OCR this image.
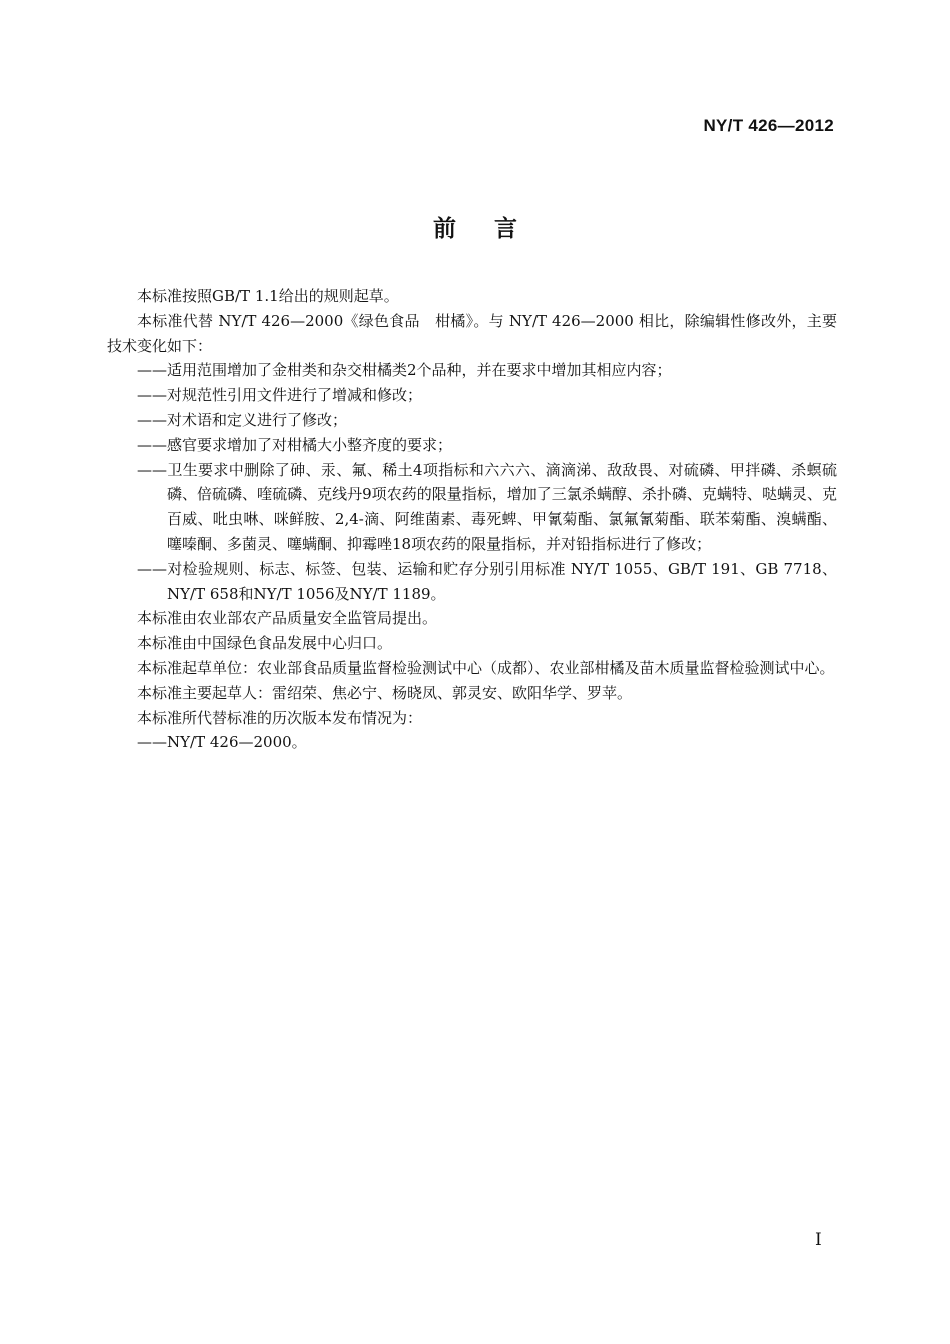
NY/T 426—2012
前言

本标准按照GB/T 1.1给出的规则起草。

本标准代替 NY/T 426—2000《绿色食品　柑橘》。与 NY/T 426—2000 相比，除编辑性修改外，主要技术变化如下：

——适用范围增加了金柑类和杂交柑橘类2个品种，并在要求中增加其相应内容；

——对规范性引用文件进行了增减和修改；

——对术语和定义进行了修改；

——感官要求增加了对柑橘大小整齐度的要求；

——卫生要求中删除了砷、汞、氟、稀土4项指标和六六六、滴滴涕、敌敌畏、对硫磷、甲拌磷、杀螟硫磷、倍硫磷、喹硫磷、克线丹9项农药的限量指标，增加了三氯杀螨醇、杀扑磷、克螨特、哒螨灵、克百威、吡虫啉、咪鲜胺、2,4-滴、阿维菌素、毒死蜱、甲氰菊酯、氯氟氰菊酯、联苯菊酯、溴螨酯、噻嗪酮、多菌灵、噻螨酮、抑霉唑18项农药的限量指标，并对铅指标进行了修改；

——对检验规则、标志、标签、包装、运输和贮存分别引用标准 NY/T 1055、GB/T 191、GB 7718、NY/T 658和NY/T 1056及NY/T 1189。

本标准由农业部农产品质量安全监管局提出。

本标准由中国绿色食品发展中心归口。

本标准起草单位：农业部食品质量监督检验测试中心（成都）、农业部柑橘及苗木质量监督检验测试中心。

本标准主要起草人：雷绍荣、焦必宁、杨晓凤、郭灵安、欧阳华学、罗苹。

本标准所代替标准的历次版本发布情况为：

——NY/T 426—2000。

I
